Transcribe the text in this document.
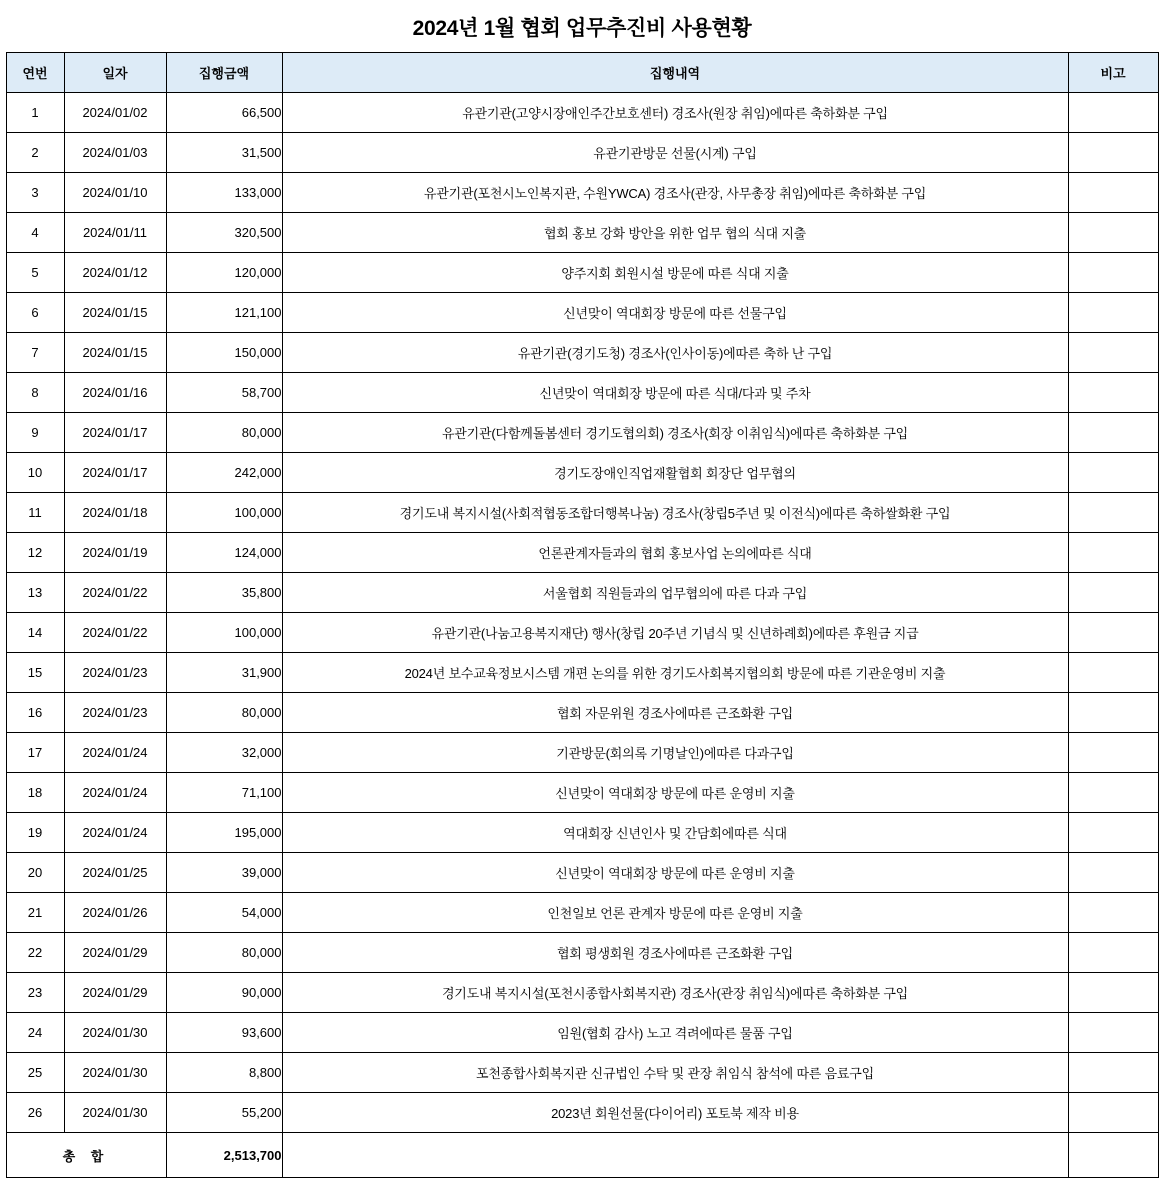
2024년 1월 협회 업무추진비 사용현황
연번	일자	집행금액	집행내역	비고
1	2024/01/02	66,500	유관기관(고양시장애인주간보호센터) 경조사(원장 취임)에따른 축하화분 구입	
2	2024/01/03	31,500	유관기관방문 선물(시계) 구입	
3	2024/01/10	133,000	유관기관(포천시노인복지관, 수원YWCA) 경조사(관장, 사무총장 취임)에따른 축하화분 구입	
4	2024/01/11	320,500	협회 홍보 강화 방안을 위한 업무 협의 식대 지출	
5	2024/01/12	120,000	양주지회 회원시설 방문에 따른 식대 지출	
6	2024/01/15	121,100	신년맞이 역대회장 방문에 따른 선물구입	
7	2024/01/15	150,000	유관기관(경기도청) 경조사(인사이동)에따른 축하 난 구입	
8	2024/01/16	58,700	신년맞이 역대회장 방문에 따른 식대/다과 및 주차	
9	2024/01/17	80,000	유관기관(다함께돌봄센터 경기도협의회) 경조사(회장 이취임식)에따른 축하화분 구입	
10	2024/01/17	242,000	경기도장애인직업재활협회 회장단 업무협의	
11	2024/01/18	100,000	경기도내 복지시설(사회적협동조합더행복나눔) 경조사(창립5주년 및 이전식)에따른 축하쌀화환 구입	
12	2024/01/19	124,000	언론관계자들과의 협회 홍보사업 논의에따른 식대	
13	2024/01/22	35,800	서울협회 직원들과의 업무협의에 따른 다과 구입	
14	2024/01/22	100,000	유관기관(나눔고용복지재단) 행사(창립 20주년 기념식 및 신년하례회)에따른 후원금 지급	
15	2024/01/23	31,900	2024년 보수교육정보시스템 개편 논의를 위한 경기도사회복지협의회 방문에 따른 기관운영비 지출	
16	2024/01/23	80,000	협회 자문위원 경조사에따른 근조화환 구입	
17	2024/01/24	32,000	기관방문(회의록 기명날인)에따른 다과구입	
18	2024/01/24	71,100	신년맞이 역대회장 방문에 따른 운영비 지출	
19	2024/01/24	195,000	역대회장 신년인사 및 간담회에따른 식대	
20	2024/01/25	39,000	신년맞이 역대회장 방문에 따른 운영비 지출	
21	2024/01/26	54,000	인천일보 언론 관계자 방문에 따른 운영비 지출	
22	2024/01/29	80,000	협회 평생회원 경조사에따른 근조화환 구입	
23	2024/01/29	90,000	경기도내 복지시설(포천시종합사회복지관) 경조사(관장 취임식)에따른 축하화분 구입	
24	2024/01/30	93,600	임원(협회 감사) 노고 격려에따른 물품 구입	
25	2024/01/30	8,800	포천종합사회복지관 신규법인 수탁 및 관장 취임식 참석에 따른 음료구입	
26	2024/01/30	55,200	2023년 회원선물(다이어리) 포토북 제작 비용	
총 합		2,513,700		
